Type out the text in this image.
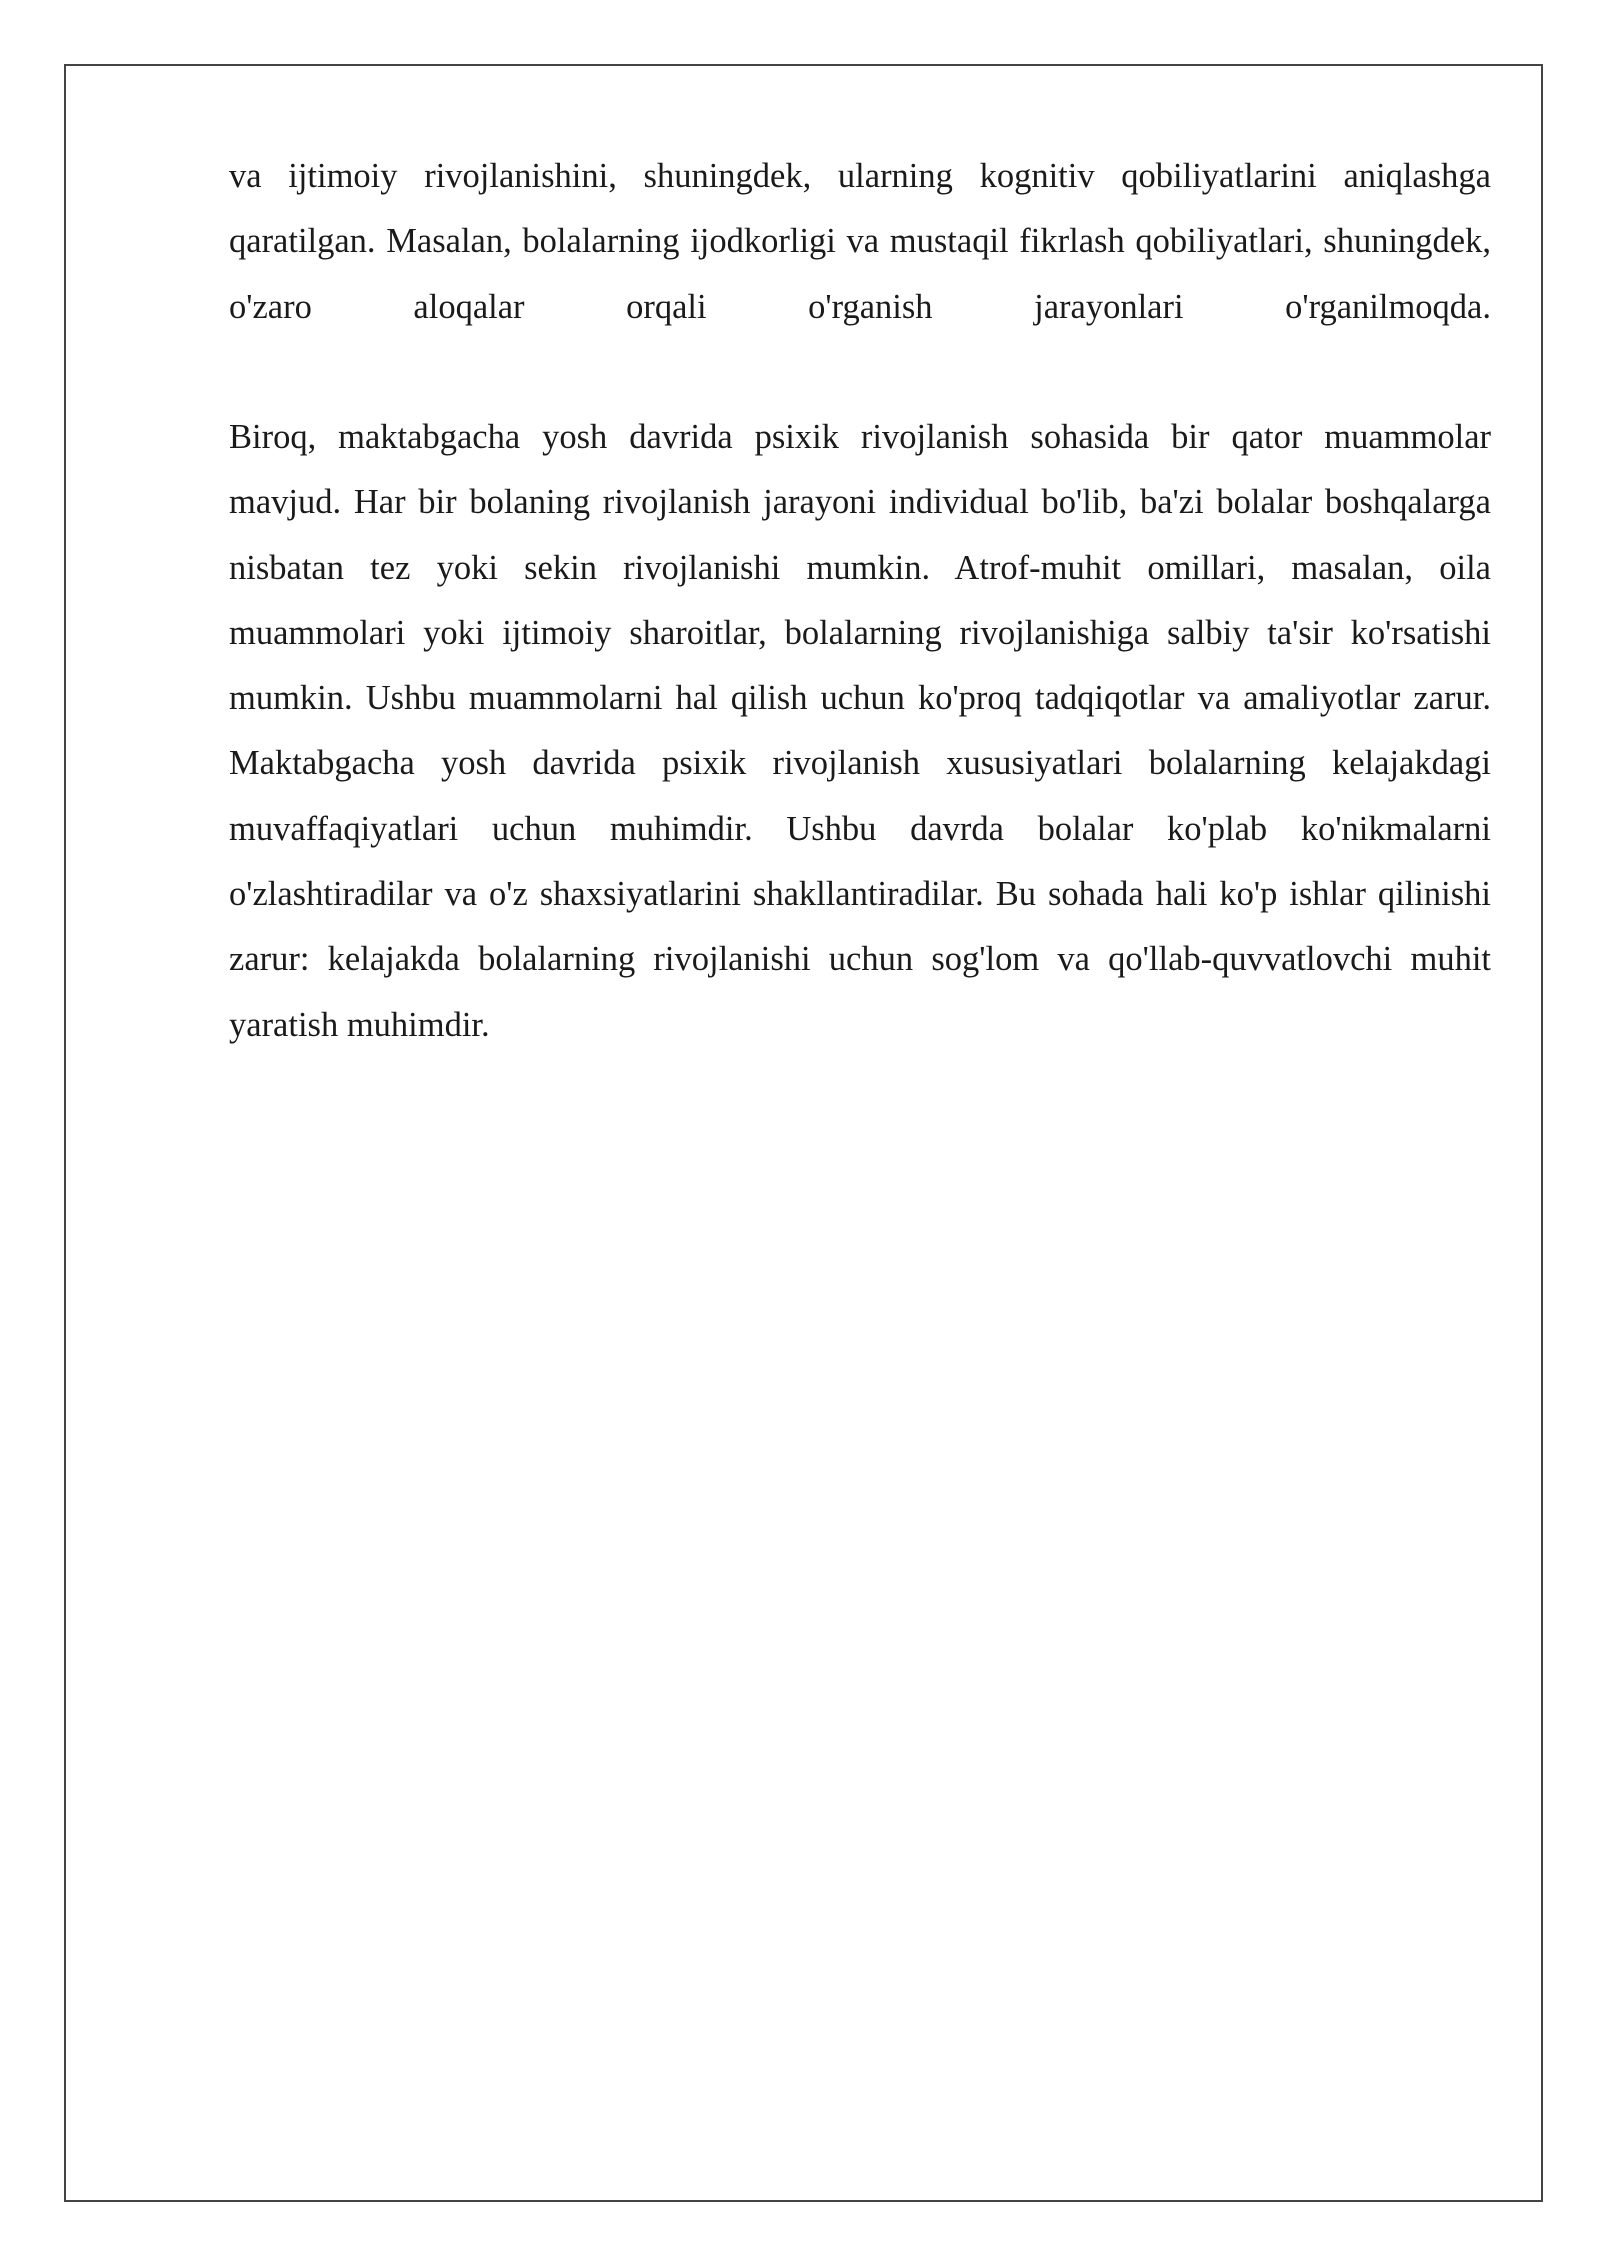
va ijtimoiy rivojlanishini, shuningdek, ularning kognitiv qobiliyatlarini aniqlashga qaratilgan. Masalan, bolalarning ijodkorligi va mustaqil fikrlash qobiliyatlari, shuningdek, o'zaro aloqalar orqali o'rganish jarayonlari o'rganilmoqda.

Biroq, maktabgacha yosh davrida psixik rivojlanish sohasida bir qator muammolar mavjud. Har bir bolaning rivojlanish jarayoni individual bo'lib, ba'zi bolalar boshqalarga nisbatan tez yoki sekin rivojlanishi mumkin. Atrof-muhit omillari, masalan, oila muammolari yoki ijtimoiy sharoitlar, bolalarning rivojlanishiga salbiy ta'sir ko'rsatishi mumkin. Ushbu muammolarni hal qilish uchun ko'proq tadqiqotlar va amaliyotlar zarur. Maktabgacha yosh davrida psixik rivojlanish xususiyatlari bolalarning kelajakdagi muvaffaqiyatlari uchun muhimdir. Ushbu davrda bolalar ko'plab ko'nikmalarni o'zlashtiradilar va o'z shaxsiyatlarini shakllantiradilar. Bu sohada hali ko'p ishlar qilinishi zarur: kelajakda bolalarning rivojlanishi uchun sog'lom va qo'llab-quvvatlovchi muhit yaratish muhimdir.
